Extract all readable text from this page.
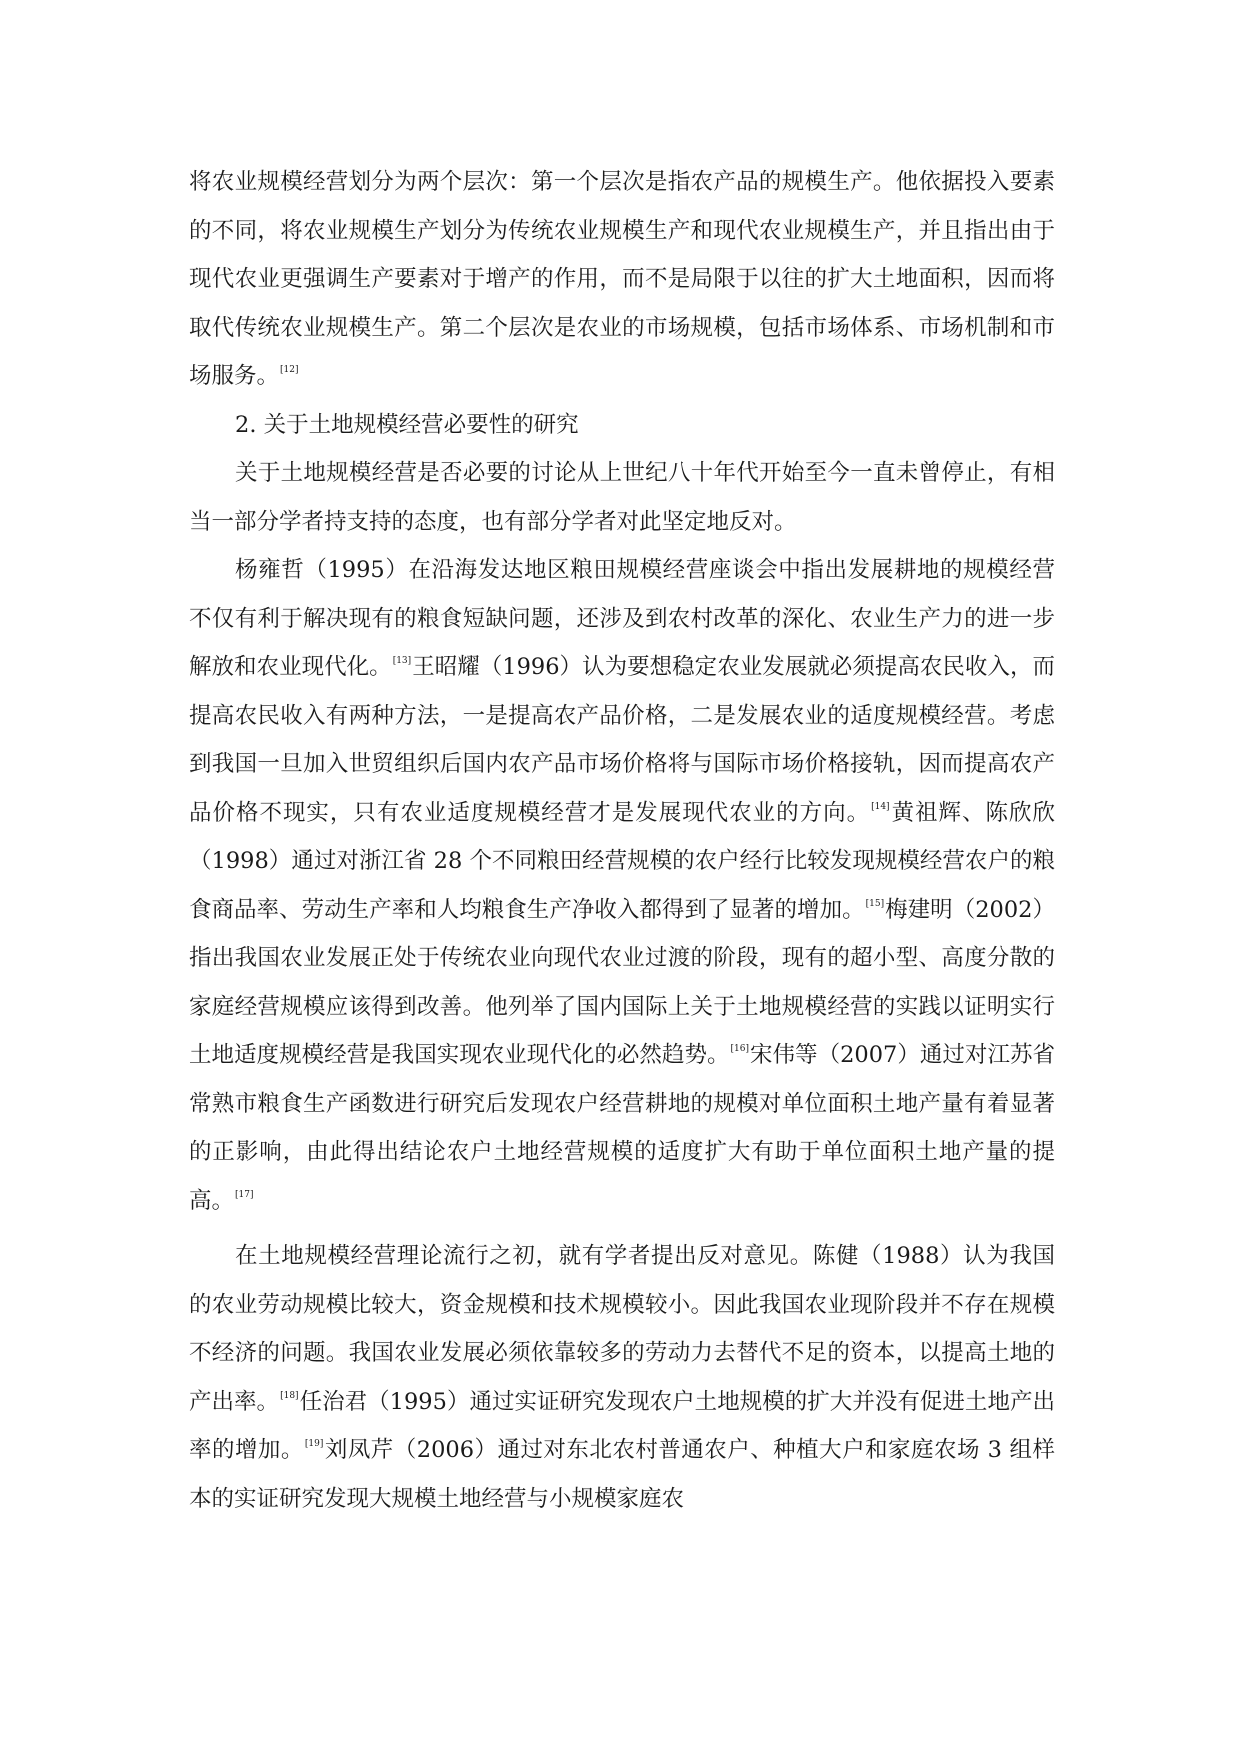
将农业规模经营划分为两个层次：第一个层次是指农产品的规模生产。他依据投入要素的不同，将农业规模生产划分为传统农业规模生产和现代农业规模生产，并且指出由于现代农业更强调生产要素对于增产的作用，而不是局限于以往的扩大土地面积，因而将取代传统农业规模生产。第二个层次是农业的市场规模，包括市场体系、市场机制和市场服务。[12]

2. 关于土地规模经营必要性的研究

关于土地规模经营是否必要的讨论从上世纪八十年代开始至今一直未曾停止，有相当一部分学者持支持的态度，也有部分学者对此坚定地反对。

杨雍哲（1995）在沿海发达地区粮田规模经营座谈会中指出发展耕地的规模经营不仅有利于解决现有的粮食短缺问题，还涉及到农村改革的深化、农业生产力的进一步解放和农业现代化。[13]王昭耀（1996）认为要想稳定农业发展就必须提高农民收入，而提高农民收入有两种方法，一是提高农产品价格，二是发展农业的适度规模经营。考虑到我国一旦加入世贸组织后国内农产品市场价格将与国际市场价格接轨，因而提高农产品价格不现实，只有农业适度规模经营才是发展现代农业的方向。[14]黄祖辉、陈欣欣（1998）通过对浙江省 28 个不同粮田经营规模的农户经行比较发现规模经营农户的粮食商品率、劳动生产率和人均粮食生产净收入都得到了显著的增加。[15]梅建明（2002）指出我国农业发展正处于传统农业向现代农业过渡的阶段，现有的超小型、高度分散的家庭经营规模应该得到改善。他列举了国内国际上关于土地规模经营的实践以证明实行土地适度规模经营是我国实现农业现代化的必然趋势。[16]宋伟等（2007）通过对江苏省常熟市粮食生产函数进行研究后发现农户经营耕地的规模对单位面积土地产量有着显著的正影响，由此得出结论农户土地经营规模的适度扩大有助于单位面积土地产量的提高。[17]

在土地规模经营理论流行之初，就有学者提出反对意见。陈健（1988）认为我国的农业劳动规模比较大，资金规模和技术规模较小。因此我国农业现阶段并不存在规模不经济的问题。我国农业发展必须依靠较多的劳动力去替代不足的资本，以提高土地的产出率。[18]任治君（1995）通过实证研究发现农户土地规模的扩大并没有促进土地产出率的增加。[19]刘凤芹（2006）通过对东北农村普通农户、种植大户和家庭农场 3 组样本的实证研究发现大规模土地经营与小规模家庭农
